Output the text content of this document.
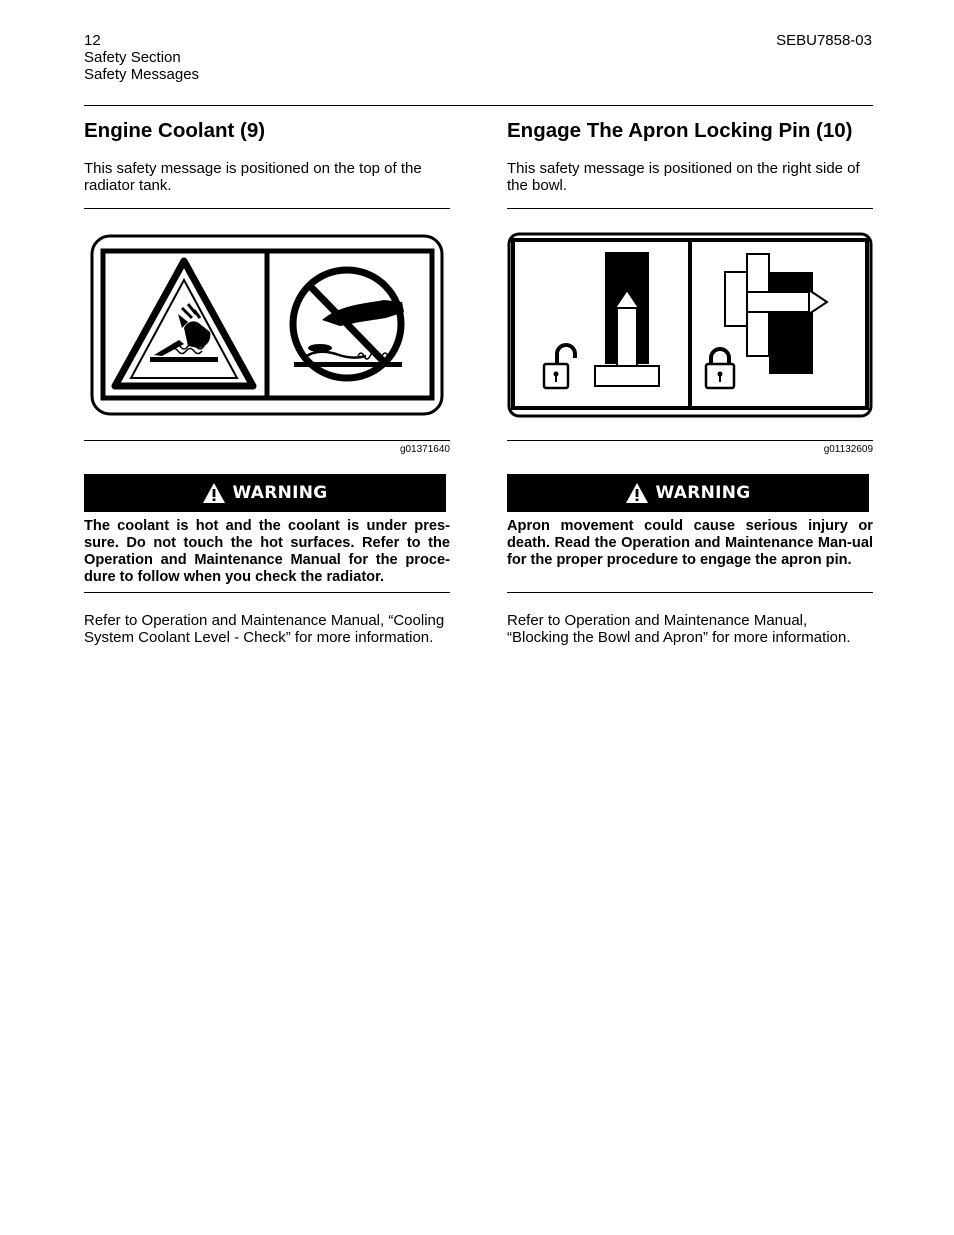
12
Safety Section
Safety Messages
SEBU7858-03
Engine Coolant (9)

This safety message is positioned on the top of the radiator tank.

g01371640
WARNING

The coolant is hot and the coolant is under pres-sure. Do not touch the hot surfaces. Refer to the Operation and Maintenance Manual for the proce-dure to follow when you check the radiator.

Refer to Operation and Maintenance Manual, “Cooling System Coolant Level - Check” for more information.

Engage The Apron Locking Pin (10)

This safety message is positioned on the right side of the bowl.

g01132609
WARNING

Apron movement could cause serious injury or death. Read the Operation and Maintenance Man-ual for the proper procedure to engage the apron pin.

Refer to Operation and Maintenance Manual, “Blocking the Bowl and Apron” for more information.
